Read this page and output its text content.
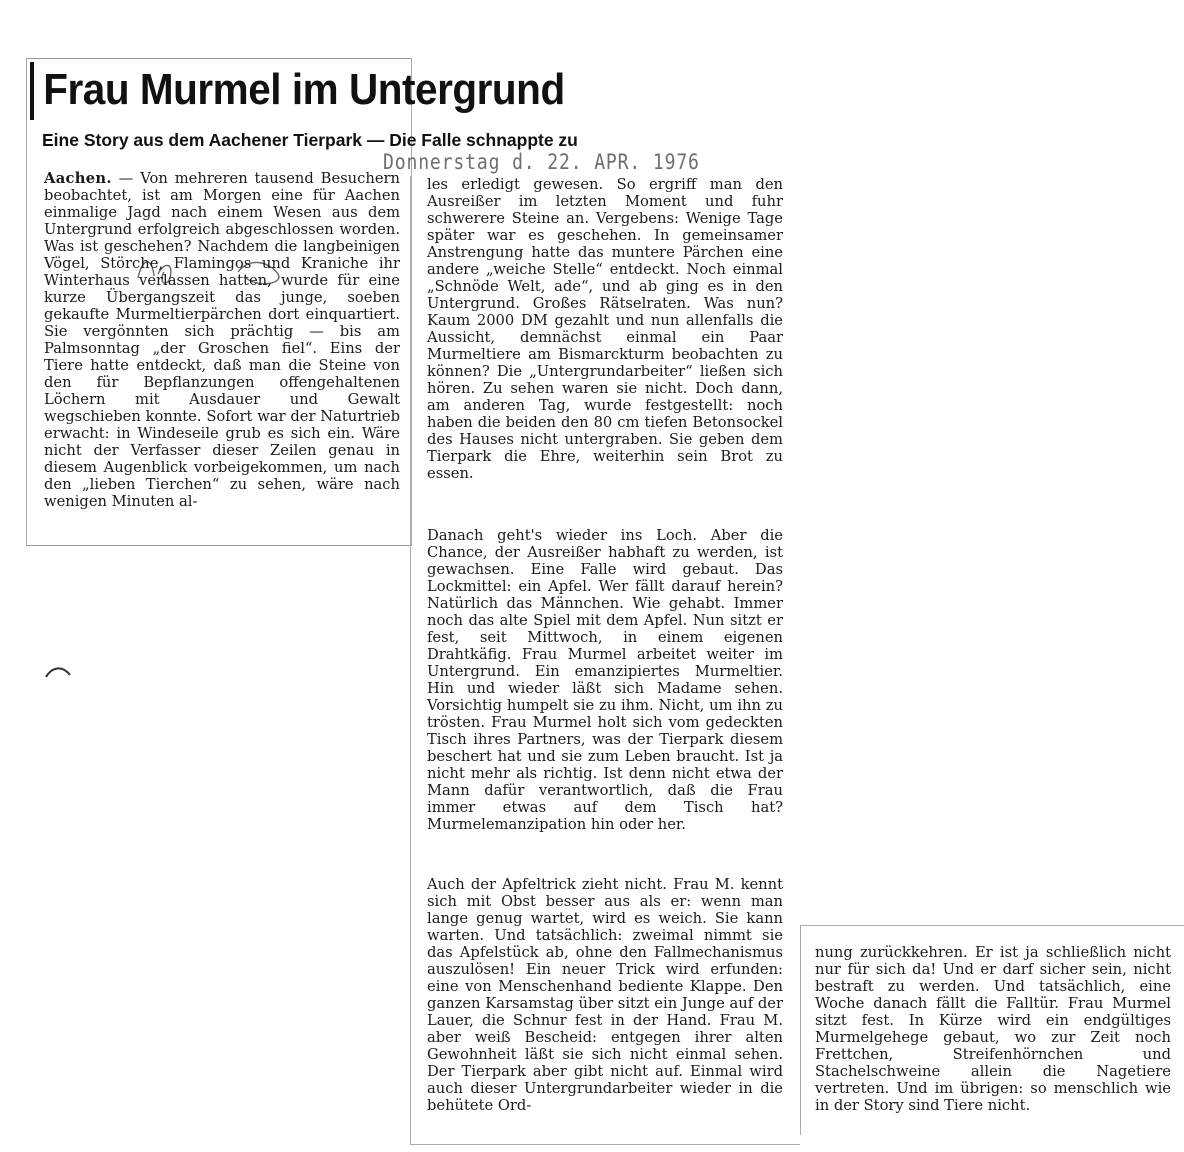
Frau Murmel im Untergrund
Eine Story aus dem Aachener Tierpark — Die Falle schnappte zu
Donnerstag d. 22. APR. 1976

Aachen. — Von mehreren tausend Besuchern beobachtet, ist am Morgen eine für Aachen einmalige Jagd nach einem Wesen aus dem Untergrund erfolgreich abgeschlossen worden. Was ist geschehen? Nachdem die langbeinigen Vögel, Störche, Flamingos und Kraniche ihr Winterhaus verlassen hatten, wurde für eine kurze Übergangszeit das junge, soeben gekaufte Murmeltierpärchen dort einquartiert. Sie vergönnten sich prächtig — bis am Palmsonntag „der Groschen fiel“. Eins der Tiere hatte entdeckt, daß man die Steine von den für Bepflanzungen offengehaltenen Löchern mit Ausdauer und Gewalt wegschieben konnte. Sofort war der Naturtrieb erwacht: in Windeseile grub es sich ein. Wäre nicht der Verfasser dieser Zeilen genau in diesem Augenblick vorbeigekommen, um nach den „lieben Tierchen“ zu sehen, wäre nach wenigen Minuten al-

les erledigt gewesen. So ergriff man den Ausreißer im letzten Moment und fuhr schwerere Steine an. Vergebens: Wenige Tage später war es geschehen. In gemeinsamer Anstrengung hatte das muntere Pärchen eine andere „weiche Stelle“ entdeckt. Noch einmal „Schnöde Welt, ade“, und ab ging es in den Untergrund. Großes Rätselraten. Was nun? Kaum 2000 DM gezahlt und nun allenfalls die Aussicht, demnächst einmal ein Paar Murmeltiere am Bismarckturm beobachten zu können? Die „Untergrundarbeiter“ ließen sich hören. Zu sehen waren sie nicht. Doch dann, am anderen Tag, wurde festgestellt: noch haben die beiden den 80 cm tiefen Betonsockel des Hauses nicht untergraben. Sie geben dem Tierpark die Ehre, weiterhin sein Brot zu essen.

Danach geht's wieder ins Loch. Aber die Chance, der Ausreißer habhaft zu werden, ist gewachsen. Eine Falle wird gebaut. Das Lockmittel: ein Apfel. Wer fällt darauf herein? Natürlich das Männchen. Wie gehabt. Immer noch das alte Spiel mit dem Apfel. Nun sitzt er fest, seit Mittwoch, in einem eigenen Drahtkäfig. Frau Murmel arbeitet weiter im Untergrund. Ein emanzipiertes Murmeltier. Hin und wieder läßt sich Madame sehen. Vorsichtig humpelt sie zu ihm. Nicht, um ihn zu trösten. Frau Murmel holt sich vom gedeckten Tisch ihres Partners, was der Tierpark diesem beschert hat und sie zum Leben braucht. Ist ja nicht mehr als richtig. Ist denn nicht etwa der Mann dafür verantwortlich, daß die Frau immer etwas auf dem Tisch hat? Murmelemanzipation hin oder her.

Auch der Apfeltrick zieht nicht. Frau M. kennt sich mit Obst besser aus als er: wenn man lange genug wartet, wird es weich. Sie kann warten. Und tatsächlich: zweimal nimmt sie das Apfelstück ab, ohne den Fallmechanismus auszulösen! Ein neuer Trick wird erfunden: eine von Menschenhand bediente Klappe. Den ganzen Karsamstag über sitzt ein Junge auf der Lauer, die Schnur fest in der Hand. Frau M. aber weiß Bescheid: entgegen ihrer alten Gewohnheit läßt sie sich nicht einmal sehen. Der Tierpark aber gibt nicht auf. Einmal wird auch dieser Untergrundarbeiter wieder in die behütete Ord-

nung zurückkehren. Er ist ja schließlich nicht nur für sich da! Und er darf sicher sein, nicht bestraft zu werden. Und tatsächlich, eine Woche danach fällt die Falltür. Frau Murmel sitzt fest. In Kürze wird ein endgültiges Murmelgehege gebaut, wo zur Zeit noch Frettchen, Streifenhörnchen und Stachelschweine allein die Nagetiere vertreten. Und im übrigen: so menschlich wie in der Story sind Tiere nicht.
